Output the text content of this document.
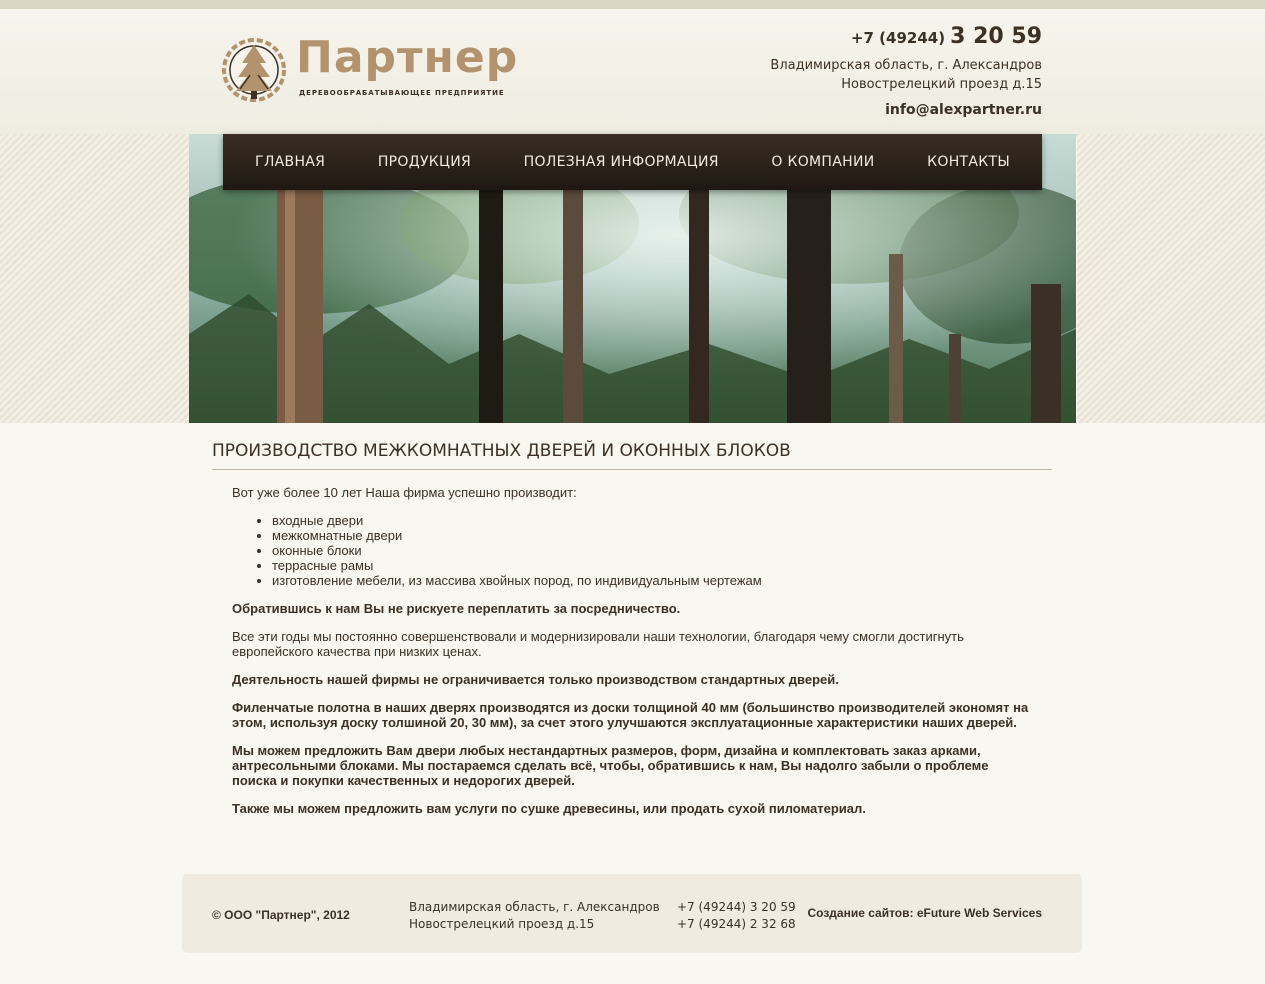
Партнер
ДЕРЕВООБРАБАТЫВАЮЩЕЕ ПРЕДПРИЯТИЕ
+7 (49244) 3 20 59
Владимирская область, г. Александров
Новострелецкий проезд д.15
info@alexpartner.ru
ГЛАВНАЯ	ПРОДУКЦИЯ	ПОЛЕЗНАЯ ИНФОРМАЦИЯ	О КОМПАНИИ	КОНТАКТЫ
ПРОИЗВОДСТВО МЕЖКОМНАТНЫХ ДВЕРЕЙ И ОКОННЫХ БЛОКОВ

Вот уже более 10 лет Наша фирма успешно производит:

• входные двери
• межкомнатные двери
• оконные блоки
• террасные рамы
• изготовление мебели, из массива хвойных пород, по индивидуальным чертежам

Обратившись к нам Вы не рискуете переплатить за посредничество.

Все эти годы мы постоянно совершенствовали и модернизировали наши технологии, благодаря чему смогли достигнуть европейского качества при низких ценах.

Деятельность нашей фирмы не ограничивается только производством стандартных дверей.

Филенчатые полотна в наших дверях производятся из доски толщиной 40 мм (большинство производителей экономят на этом, используя доску толшиной 20, 30 мм), за счет этого улучшаются эксплуатационные характеристики наших дверей.

Мы можем предложить Вам двери любых нестандартных размеров, форм, дизайна и комплектовать заказ арками, антресольными блоками. Мы постараемся сделать всё, чтобы, обратившись к нам, Вы надолго забыли о проблеме поиска и покупки качественных и недорогих дверей.

Также мы можем предложить вам услуги по сушке древесины, или продать сухой пиломатериал.

© ООО "Партнер", 2012
Владимирская область, г. Александров
Новострелецкий проезд д.15
+7 (49244) 3 20 59
+7 (49244) 2 32 68
Создание сайтов: eFuture Web Services
